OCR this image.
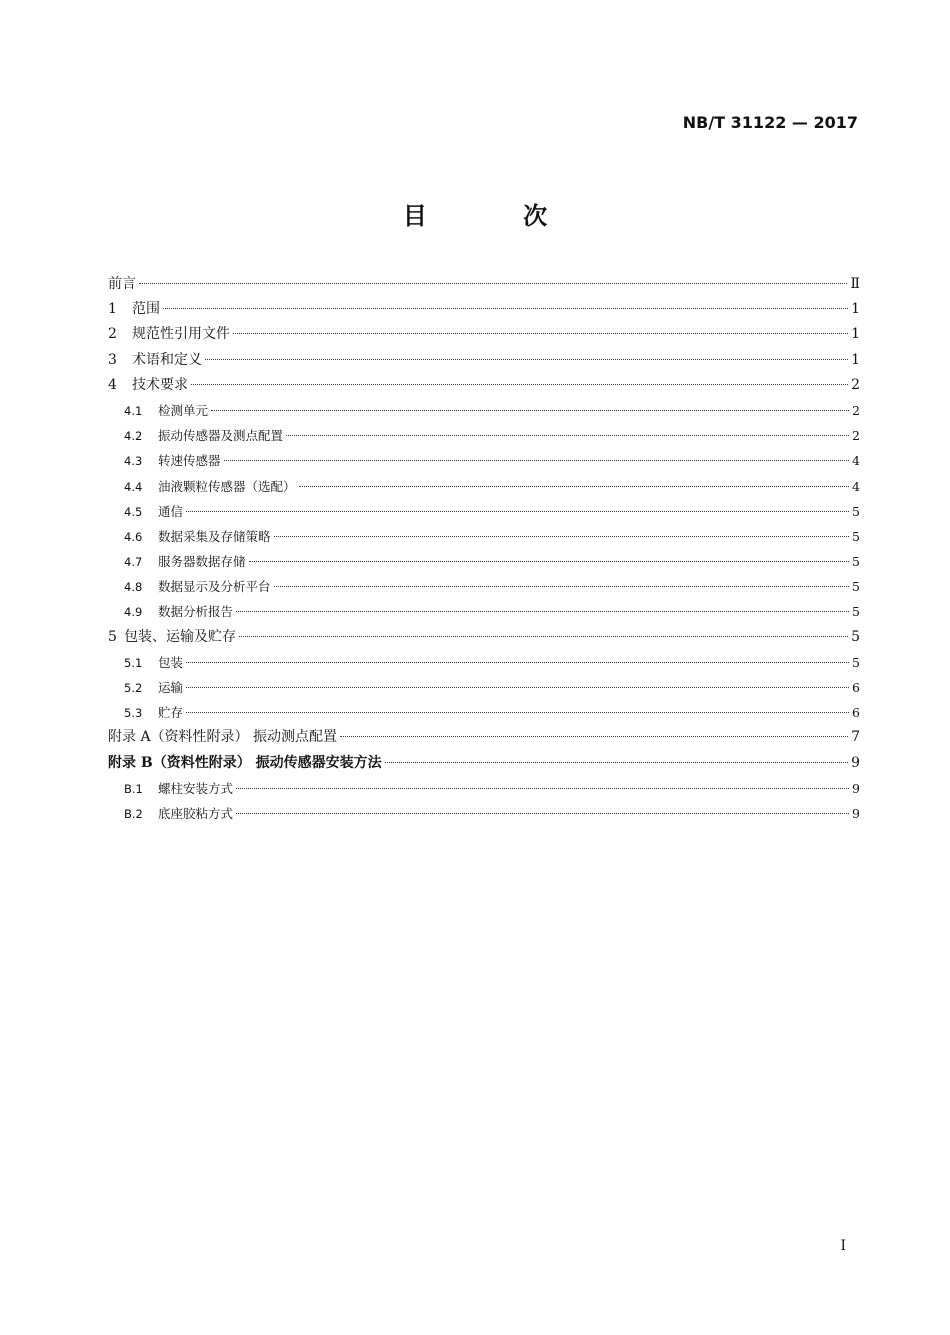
NB/T 31122 — 2017
目 次
前言	Ⅱ
1	范围	1
2	规范性引用文件	1
3	术语和定义	1
4	技术要求	2
4.1	检测单元	2
4.2	振动传感器及测点配置	2
4.3	转速传感器	4
4.4	油液颗粒传感器（选配）	4
4.5	通信	5
4.6	数据采集及存储策略	5
4.7	服务器数据存储	5
4.8	数据显示及分析平台	5
4.9	数据分析报告	5
5 包装、运输及贮存	5
5.1	包装	5
5.2	运输	6
5.3	贮存	6
附录 A（资料性附录） 振动测点配置	7
附录 B（资料性附录） 振动传感器安装方法	9
B.1	螺柱安装方式	9
B.2	底座胶粘方式	9
I
